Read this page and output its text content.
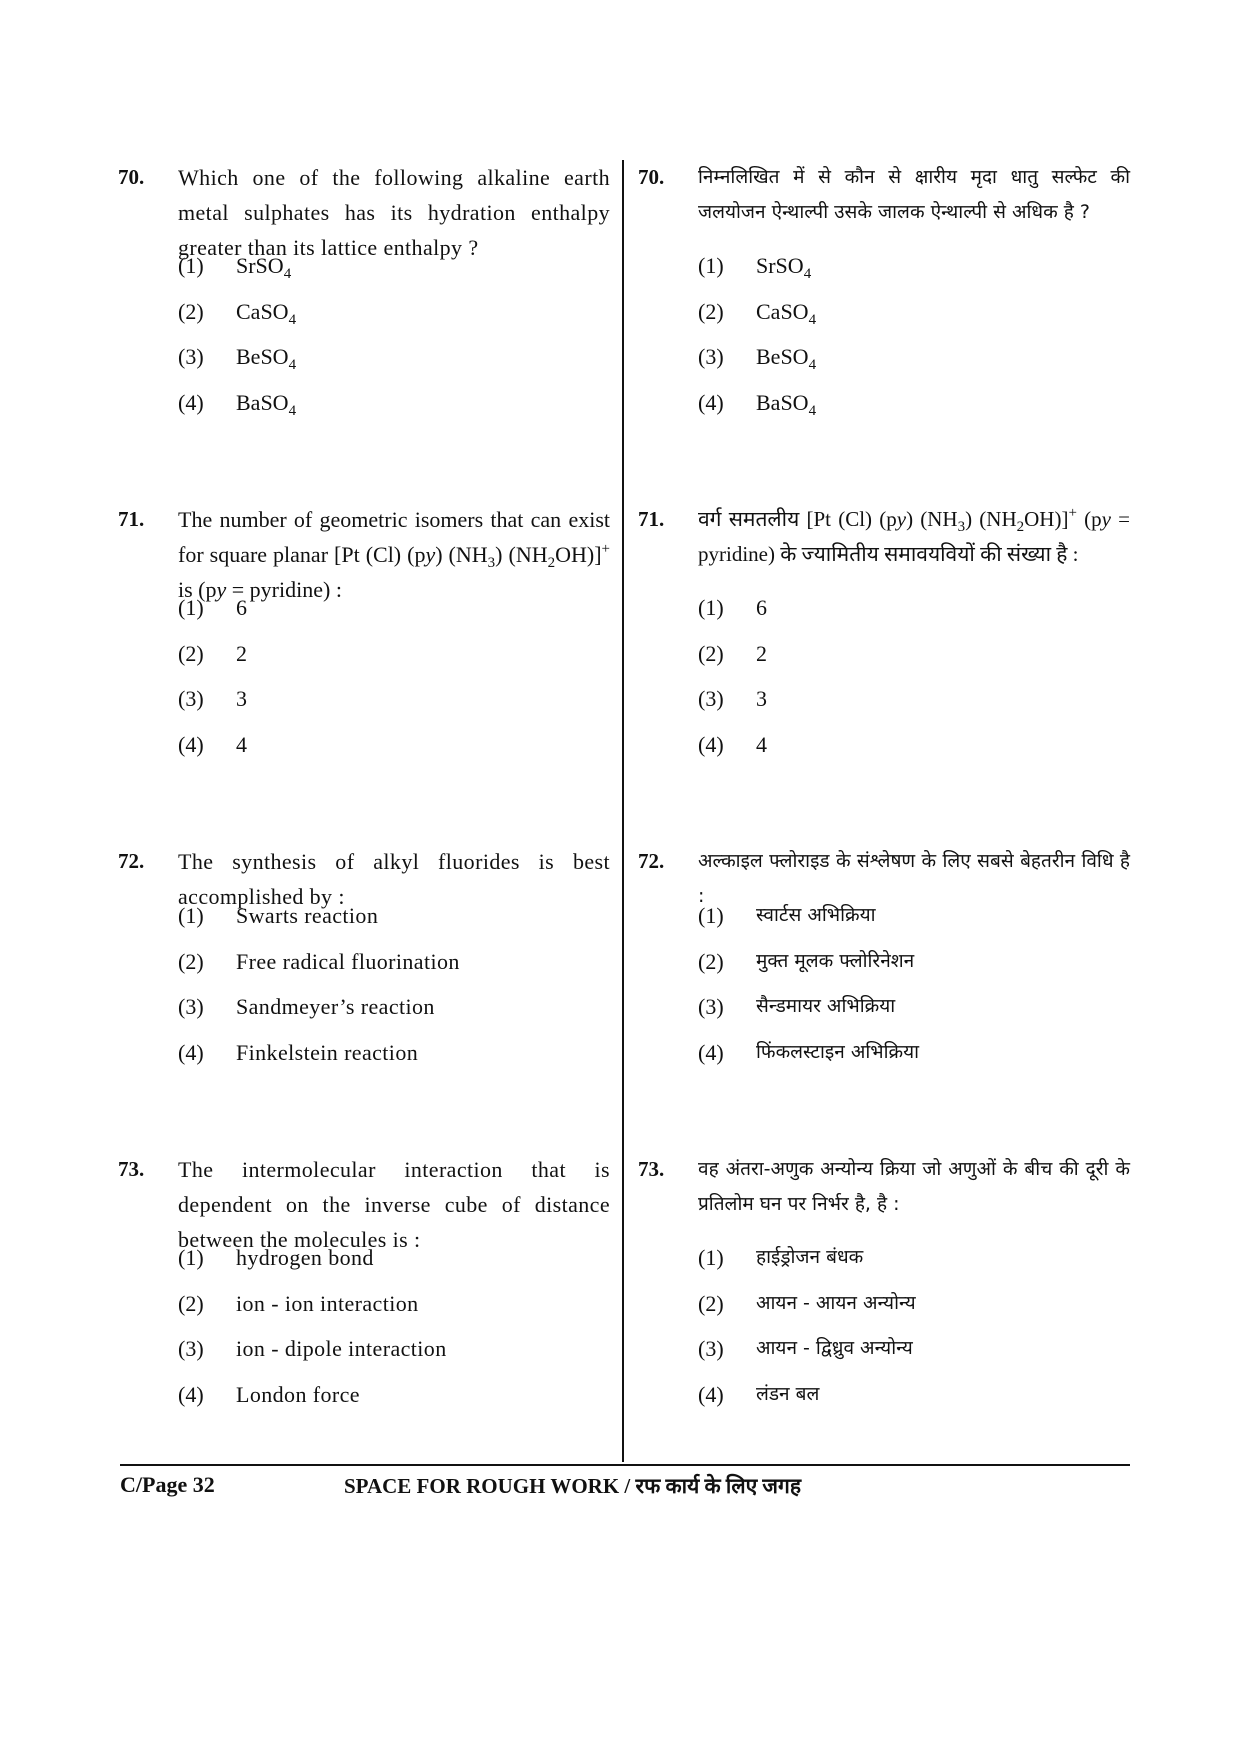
70. Which one of the following alkaline earth metal sulphates has its hydration enthalpy greater than its lattice enthalpy ?
(1) SrSO$_4$
(2) CaSO$_4$
(3) BeSO$_4$
(4) BaSO$_4$
71. The number of geometric isomers that can exist for square planar [Pt (Cl) (py) $(NH_3)$ $(NH_2OH)]^+$ is (py = pyridine) :
(1) 6
(2) 2
(3) 3
(4) 4
72. The synthesis of alkyl fluorides is best accomplished by :
(1) Swarts reaction
(2) Free radical fluorination
(3) Sandmeyer’s reaction
(4) Finkelstein reaction
73. The intermolecular interaction that is dependent on the inverse cube of distance between the molecules is :
(1) hydrogen bond
(2) ion - ion interaction
(3) ion - dipole interaction
(4) London force
70. निम्नलिखित में से कौन से क्षारीय मृदा धातु सल्फेट की जलयोजन ऐन्थाल्पी उसके जालक ऐन्थाल्पी से अधिक है ?
(1) SrSO$_4$
(2) CaSO$_4$
(3) BeSO$_4$
(4) BaSO$_4$
71. वर्ग समतलीय [Pt (Cl) (py) $(NH_3)$ $(NH_2OH)]^+$ (py = pyridine) के ज्यामितीय समावयवियों की संख्या है :
(1) 6
(2) 2
(3) 3
(4) 4
72. अल्काइल फ्लोराइड के संश्लेषण के लिए सबसे बेहतरीन विधि है :
(1) स्वार्टस अभिक्रिया
(2) मुक्त मूलक फ्लोरिनेशन
(3) सैन्डमायर अभिक्रिया
(4) फिंकलस्टाइन अभिक्रिया
73. वह अंतरा-अणुक अन्योन्य क्रिया जो अणुओं के बीच की दूरी के प्रतिलोम घन पर निर्भर है, है :
(1) हाईड्रोजन बंधक
(2) आयन - आयन अन्योन्य
(3) आयन - द्विध्रुव अन्योन्य
(4) लंडन बल
C/Page 32	SPACE FOR ROUGH WORK / रफ कार्य के लिए जगह
